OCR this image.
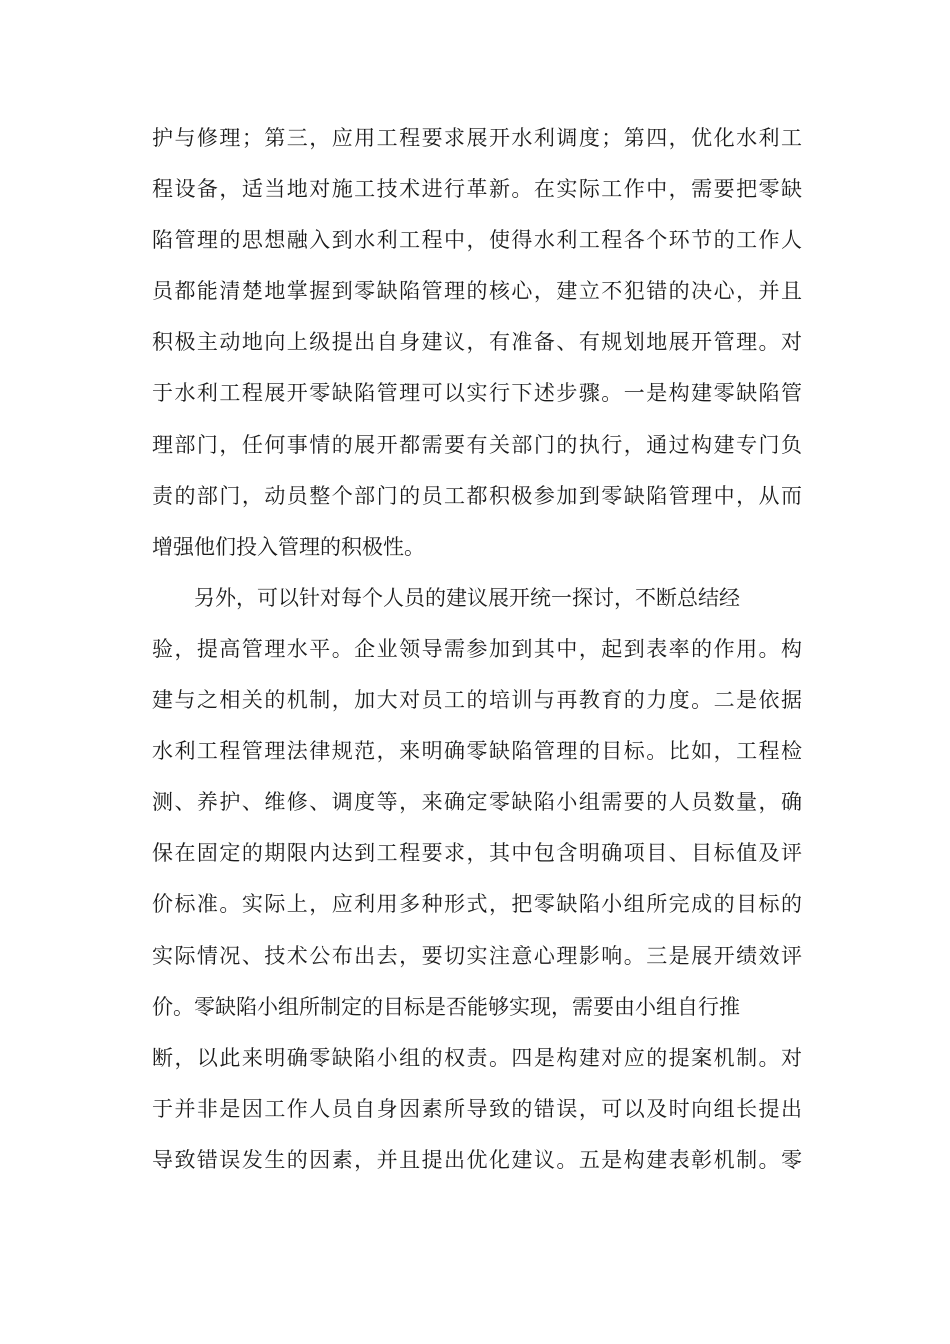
护与修理；第三，应用工程要求展开水利调度；第四，优化水利工
程设备，适当地对施工技术进行革新。在实际工作中，需要把零缺
陷管理的思想融入到水利工程中，使得水利工程各个环节的工作人
员都能清楚地掌握到零缺陷管理的核心，建立不犯错的决心，并且
积极主动地向上级提出自身建议，有准备、有规划地展开管理。对
于水利工程展开零缺陷管理可以实行下述步骤。一是构建零缺陷管
理部门，任何事情的展开都需要有关部门的执行，通过构建专门负
责的部门，动员整个部门的员工都积极参加到零缺陷管理中，从而
增强他们投入管理的积极性。
另外，可以针对每个人员的建议展开统一探讨，不断总结经
验，提高管理水平。企业领导需参加到其中，起到表率的作用。构
建与之相关的机制，加大对员工的培训与再教育的力度。二是依据
水利工程管理法律规范，来明确零缺陷管理的目标。比如，工程检
测、养护、维修、调度等，来确定零缺陷小组需要的人员数量，确
保在固定的期限内达到工程要求，其中包含明确项目、目标值及评
价标准。实际上，应利用多种形式，把零缺陷小组所完成的目标的
实际情况、技术公布出去，要切实注意心理影响。三是展开绩效评
价。零缺陷小组所制定的目标是否能够实现，需要由小组自行推
断，以此来明确零缺陷小组的权责。四是构建对应的提案机制。对
于并非是因工作人员自身因素所导致的错误，可以及时向组长提出
导致错误发生的因素，并且提出优化建议。五是构建表彰机制。零
